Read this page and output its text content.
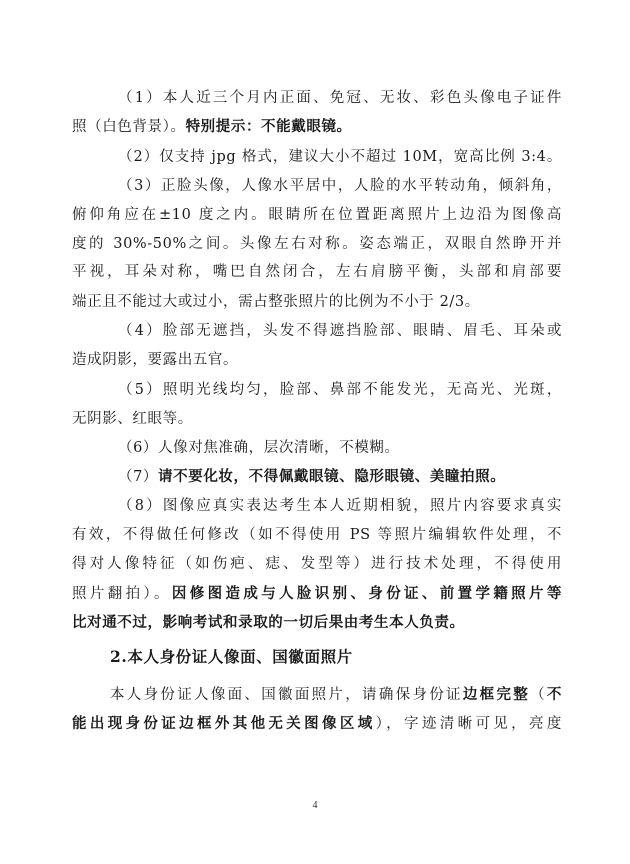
（1）本人近三个月内正面、免冠、无妆、彩色头像电子证件
照（白色背景）。特别提示：不能戴眼镜。
（2）仅支持 jpg 格式，建议大小不超过 10M，宽高比例 3:4。
（3）正脸头像，人像水平居中，人脸的水平转动角，倾斜角，
俯仰角应在±10 度之内。眼睛所在位置距离照片上边沿为图像高
度的 30%-50%之间。头像左右对称。姿态端正，双眼自然睁开并
平视，耳朵对称，嘴巴自然闭合，左右肩膀平衡，头部和肩部要
端正且不能过大或过小，需占整张照片的比例为不小于 2/3。
（4）脸部无遮挡，头发不得遮挡脸部、眼睛、眉毛、耳朵或
造成阴影，要露出五官。
（5）照明光线均匀，脸部、鼻部不能发光，无高光、光斑，
无阴影、红眼等。
（6）人像对焦准确，层次清晰，不模糊。
（7）请不要化妆，不得佩戴眼镜、隐形眼镜、美瞳拍照。
（8）图像应真实表达考生本人近期相貌，照片内容要求真实
有效，不得做任何修改（如不得使用 PS 等照片编辑软件处理，不
得对人像特征（如伤疤、痣、发型等）进行技术处理，不得使用
照片翻拍）。因修图造成与人脸识别、身份证、前置学籍照片等
比对通不过，影响考试和录取的一切后果由考生本人负责。
2.本人身份证人像面、国徽面照片
本人身份证人像面、国徽面照片，请确保身份证边框完整（不
能出现身份证边框外其他无关图像区域），字迹清晰可见，亮度
4
